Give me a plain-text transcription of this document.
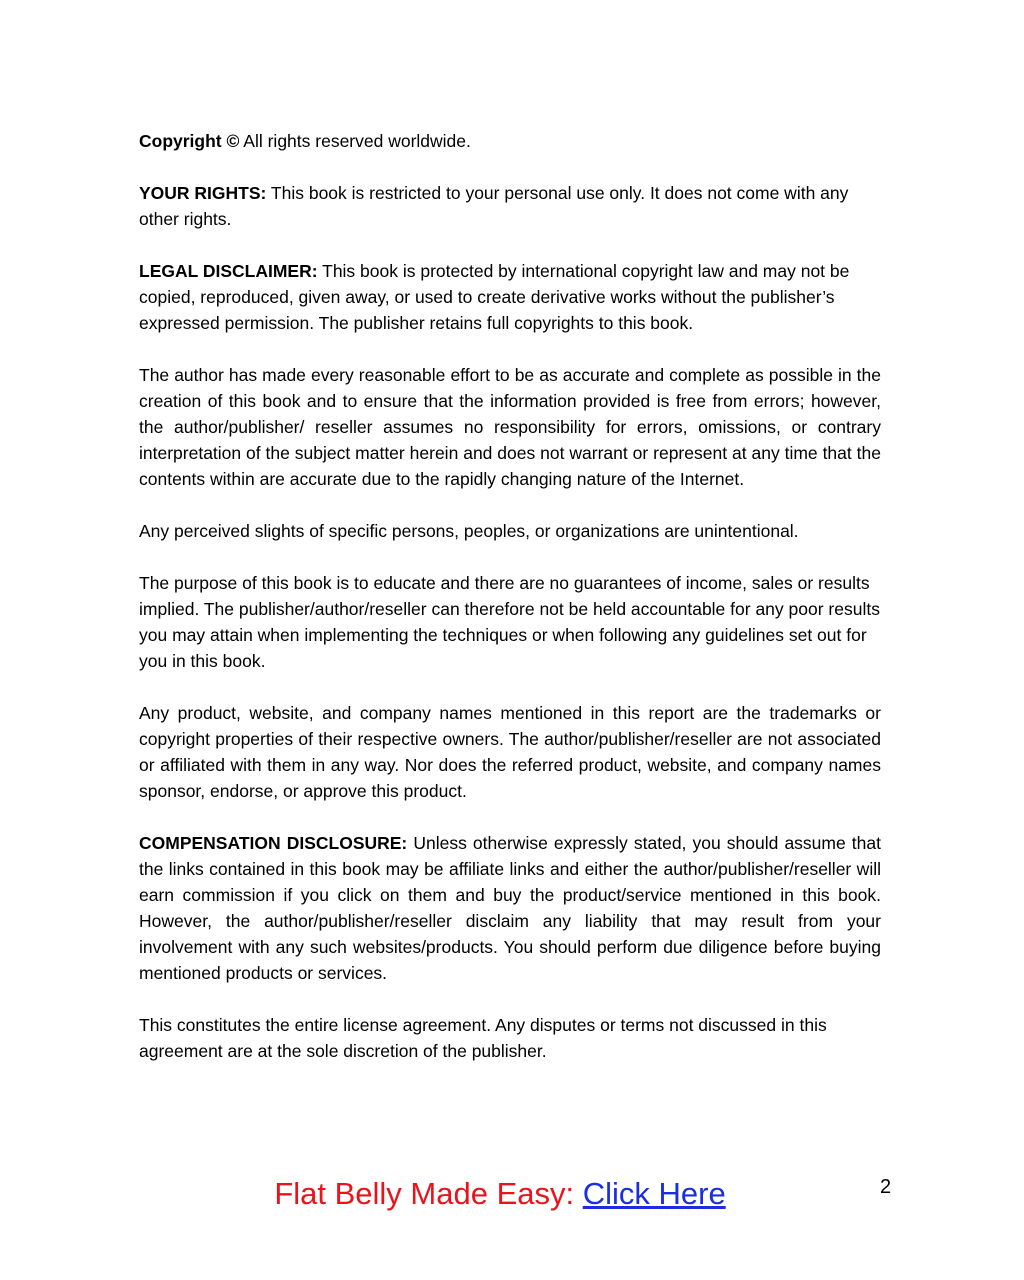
Copyright © All rights reserved worldwide.

YOUR RIGHTS: This book is restricted to your personal use only. It does not come with any other rights.

LEGAL DISCLAIMER: This book is protected by international copyright law and may not be copied, reproduced, given away, or used to create derivative works without the publisher’s expressed permission. The publisher retains full copyrights to this book.

The author has made every reasonable effort to be as accurate and complete as possible in the creation of this book and to ensure that the information provided is free from errors; however, the author/publisher/ reseller assumes no responsibility for errors, omissions, or contrary interpretation of the subject matter herein and does not warrant or represent at any time that the contents within are accurate due to the rapidly changing nature of the Internet.

Any perceived slights of specific persons, peoples, or organizations are unintentional.

The purpose of this book is to educate and there are no guarantees of income, sales or results implied. The publisher/author/reseller can therefore not be held accountable for any poor results you may attain when implementing the techniques or when following any guidelines set out for you in this book.

Any product, website, and company names mentioned in this report are the trademarks or copyright properties of their respective owners. The author/publisher/reseller are not associated or affiliated with them in any way. Nor does the referred product, website, and company names sponsor, endorse, or approve this product.

COMPENSATION DISCLOSURE: Unless otherwise expressly stated, you should assume that the links contained in this book may be affiliate links and either the author/publisher/reseller will earn commission if you click on them and buy the product/service mentioned in this book. However, the author/publisher/reseller disclaim any liability that may result from your involvement with any such websites/products. You should perform due diligence before buying mentioned products or services.

This constitutes the entire license agreement. Any disputes or terms not discussed in this agreement are at the sole discretion of the publisher.

Flat Belly Made Easy: Click Here	2
